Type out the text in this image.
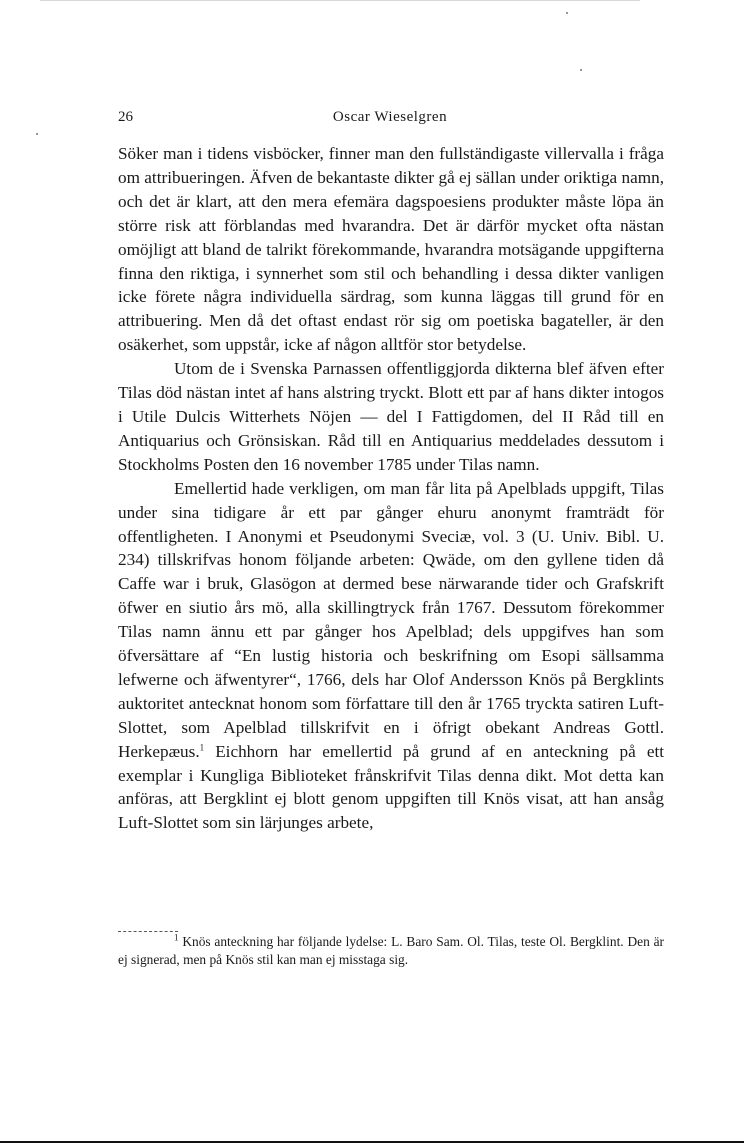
26	Oscar Wieselgren

Söker man i tidens visböcker, finner man den fullständigaste villervalla i fråga om attribueringen. Äfven de bekantaste dikter gå ej sällan under oriktiga namn, och det är klart, att den mera efemära dagspoesiens produkter måste löpa än större risk att förblandas med hvarandra. Det är därför mycket ofta nästan omöjligt att bland de talrikt förekommande, hvarandra motsägande uppgifterna finna den riktiga, i synnerhet som stil och behandling i dessa dikter vanligen icke förete några individuella särdrag, som kunna läggas till grund för en attribuering. Men då det oftast endast rör sig om poetiska bagateller, är den osäkerhet, som uppstår, icke af någon alltför stor betydelse.

Utom de i Svenska Parnassen offentliggjorda dikterna blef äfven efter Tilas död nästan intet af hans alstring tryckt. Blott ett par af hans dikter intogos i Utile Dulcis Witterhets Nöjen — del I Fattigdomen, del II Råd till en Antiquarius och Grönsiskan. Råd till en Antiquarius meddelades dessutom i Stockholms Posten den 16 november 1785 under Tilas namn.

Emellertid hade verkligen, om man får lita på Apelblads uppgift, Tilas under sina tidigare år ett par gånger ehuru anonymt framträdt för offentligheten. I Anonymi et Pseudonymi Sveciæ, vol. 3 (U. Univ. Bibl. U. 234) tillskrifvas honom följande arbeten: Qwäde, om den gyllene tiden då Caffe war i bruk, Glasögon at dermed bese närwarande tider och Grafskrift öfwer en siutio års mö, alla skillingtryck från 1767. Dessutom förekommer Tilas namn ännu ett par gånger hos Apelblad; dels uppgifves han som öfversättare af “En lustig historia och beskrifning om Esopi sällsamma lefwerne och äfwentyrer“, 1766, dels har Olof Andersson Knös på Bergklints auktoritet antecknat honom som författare till den år 1765 tryckta satiren Luft-Slottet, som Apelblad tillskrifvit en i öfrigt obekant Andreas Gottl. Herkepæus.$^1$ Eichhorn har emellertid på grund af en anteckning på ett exemplar i Kungliga Biblioteket frånskrifvit Tilas denna dikt. Mot detta kan anföras, att Bergklint ej blott genom uppgiften till Knös visat, att han ansåg Luft-Slottet som sin lärjunges arbete,

$^1$ Knös anteckning har följande lydelse: L. Baro Sam. Ol. Tilas, teste Ol. Bergklint. Den är ej signerad, men på Knös stil kan man ej misstaga sig.
